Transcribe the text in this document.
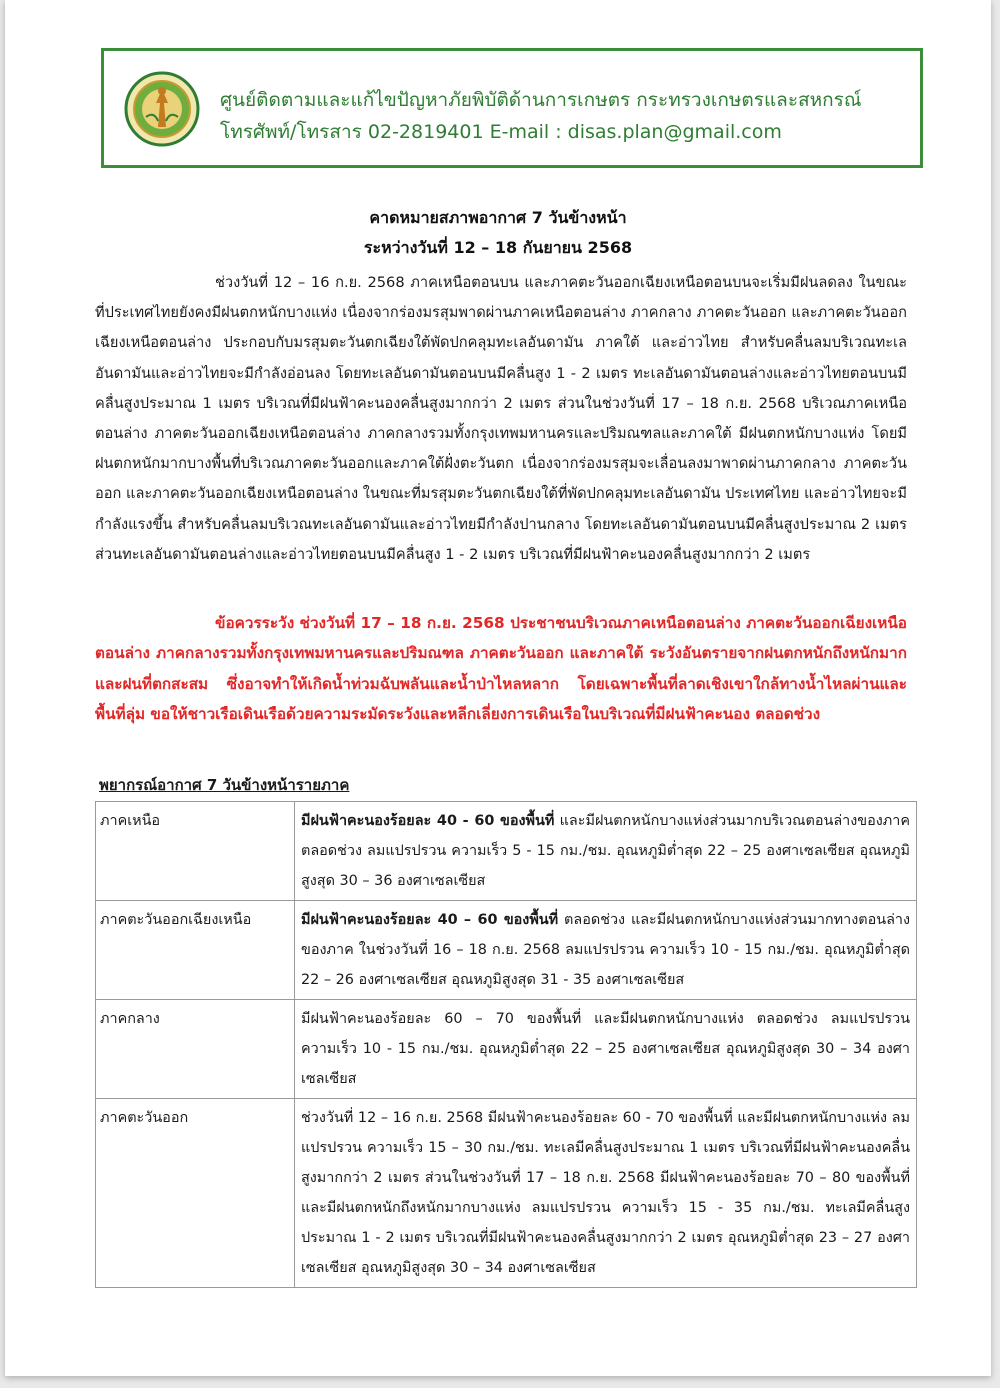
ศูนย์ติดตามและแก้ไขปัญหาภัยพิบัติด้านการเกษตร กระทรวงเกษตรและสหกรณ์
โทรศัพท์/โทรสาร 02-2819401 E-mail : disas.plan@gmail.com
คาดหมายสภาพอากาศ 7 วันข้างหน้า
ระหว่างวันที่ 12 – 18 กันยายน 2568
ช่วงวันที่ 12 – 16 ก.ย. 2568 ภาคเหนือตอนบน และภาคตะวันออกเฉียงเหนือตอนบนจะเริ่มมีฝนลดลง ในขณะที่ประเทศไทยยังคงมีฝนตกหนักบางแห่ง เนื่องจากร่องมรสุมพาดผ่านภาคเหนือตอนล่าง ภาคกลาง ภาคตะวันออก และภาคตะวันออกเฉียงเหนือตอนล่าง ประกอบกับมรสุมตะวันตกเฉียงใต้พัดปกคลุมทะเลอันดามัน ภาคใต้ และอ่าวไทย สำหรับคลื่นลมบริเวณทะเลอันดามันและอ่าวไทยจะมีกำลังอ่อนลง โดยทะเลอันดามันตอนบนมีคลื่นสูง 1 - 2 เมตร ทะเลอันดามันตอนล่างและอ่าวไทยตอนบนมีคลื่นสูงประมาณ 1 เมตร บริเวณที่มีฝนฟ้าคะนองคลื่นสูงมากกว่า 2 เมตร ส่วนในช่วงวันที่ 17 – 18 ก.ย. 2568 บริเวณภาคเหนือตอนล่าง ภาคตะวันออกเฉียงเหนือตอนล่าง ภาคกลางรวมทั้งกรุงเทพมหานครและปริมณฑลและภาคใต้ มีฝนตกหนักบางแห่ง โดยมีฝนตกหนักมากบางพื้นที่บริเวณภาคตะวันออกและภาคใต้ฝั่งตะวันตก เนื่องจากร่องมรสุมจะเลื่อนลงมาพาดผ่านภาคกลาง ภาคตะวันออก และภาคตะวันออกเฉียงเหนือตอนล่าง ในขณะที่มรสุมตะวันตกเฉียงใต้ที่พัดปกคลุมทะเลอันดามัน ประเทศไทย และอ่าวไทยจะมีกำลังแรงขึ้น สำหรับคลื่นลมบริเวณทะเลอันดามันและอ่าวไทยมีกำลังปานกลาง โดยทะเลอันดามันตอนบนมีคลื่นสูงประมาณ 2 เมตร ส่วนทะเลอันดามันตอนล่างและอ่าวไทยตอนบนมีคลื่นสูง 1 - 2 เมตร บริเวณที่มีฝนฟ้าคะนองคลื่นสูงมากกว่า 2 เมตร
ข้อควรระวัง ช่วงวันที่ 17 – 18 ก.ย. 2568 ประชาชนบริเวณภาคเหนือตอนล่าง ภาคตะวันออกเฉียงเหนือตอนล่าง ภาคกลางรวมทั้งกรุงเทพมหานครและปริมณฑล ภาคตะวันออก และภาคใต้ ระวังอันตรายจากฝนตกหนักถึงหนักมากและฝนที่ตกสะสม ซึ่งอาจทำให้เกิดน้ำท่วมฉับพลันและน้ำป่าไหลหลาก โดยเฉพาะพื้นที่ลาดเชิงเขาใกล้ทางน้ำไหลผ่านและพื้นที่ลุ่ม ขอให้ชาวเรือเดินเรือด้วยความระมัดระวังและหลีกเลี่ยงการเดินเรือในบริเวณที่มีฝนฟ้าคะนอง ตลอดช่วง
พยากรณ์อากาศ 7 วันข้างหน้ารายภาค
ภาคเหนือ	มีฝนฟ้าคะนองร้อยละ 40 - 60 ของพื้นที่ และมีฝนตกหนักบางแห่งส่วนมากบริเวณตอนล่างของภาค ตลอดช่วง ลมแปรปรวน ความเร็ว 5 - 15 กม./ชม. อุณหภูมิต่ำสุด 22 – 25 องศาเซลเซียส อุณหภูมิสูงสุด 30 – 36 องศาเซลเซียส
ภาคตะวันออกเฉียงเหนือ	มีฝนฟ้าคะนองร้อยละ 40 – 60 ของพื้นที่ ตลอดช่วง และมีฝนตกหนักบางแห่งส่วนมากทางตอนล่างของภาค ในช่วงวันที่ 16 – 18 ก.ย. 2568 ลมแปรปรวน ความเร็ว 10 - 15 กม./ชม. อุณหภูมิต่ำสุด 22 – 26 องศาเซลเซียส อุณหภูมิสูงสุด 31 - 35 องศาเซลเซียส
ภาคกลาง	มีฝนฟ้าคะนองร้อยละ 60 – 70 ของพื้นที่ และมีฝนตกหนักบางแห่ง ตลอดช่วง ลมแปรปรวน ความเร็ว 10 - 15 กม./ชม. อุณหภูมิต่ำสุด 22 – 25 องศาเซลเซียส อุณหภูมิสูงสุด 30 – 34 องศาเซลเซียส
ภาคตะวันออก	ช่วงวันที่ 12 – 16 ก.ย. 2568 มีฝนฟ้าคะนองร้อยละ 60 - 70 ของพื้นที่ และมีฝนตกหนักบางแห่ง ลมแปรปรวน ความเร็ว 15 – 30 กม./ชม. ทะเลมีคลื่นสูงประมาณ 1 เมตร บริเวณที่มีฝนฟ้าคะนองคลื่นสูงมากกว่า 2 เมตร ส่วนในช่วงวันที่ 17 – 18 ก.ย. 2568 มีฝนฟ้าคะนองร้อยละ 70 – 80 ของพื้นที่ และมีฝนตกหนักถึงหนักมากบางแห่ง ลมแปรปรวน ความเร็ว 15 - 35 กม./ชม. ทะเลมีคลื่นสูงประมาณ 1 - 2 เมตร บริเวณที่มีฝนฟ้าคะนองคลื่นสูงมากกว่า 2 เมตร อุณหภูมิต่ำสุด 23 – 27 องศาเซลเซียส อุณหภูมิสูงสุด 30 – 34 องศาเซลเซียส
